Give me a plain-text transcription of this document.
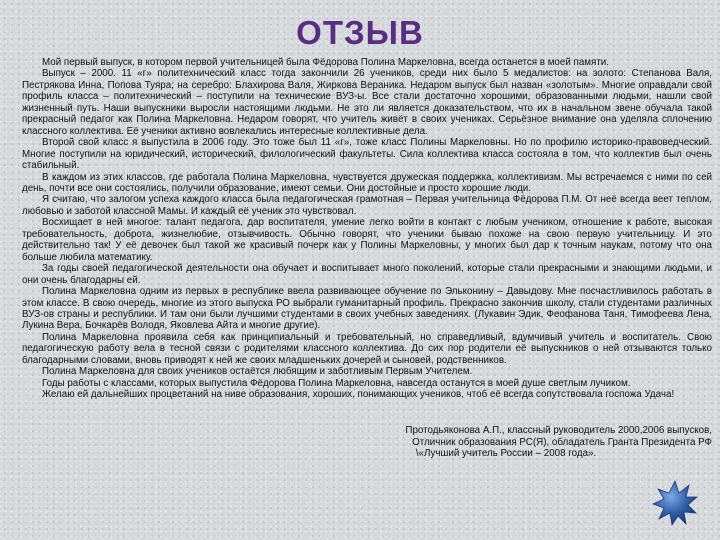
ОТЗЫВ

Мой первый выпуск, в котором первой учительницей была Фёдорова Полина Маркеловна, всегда останется в моей памяти.

Выпуск – 2000. 11 «г» политехнический класс тогда закончили 26 учеников, среди них было 5 медалистов: на золото: Степанова Валя, Пестрякова Инна, Попова Туяра; на серебро: Блахирова Валя, Жиркова Вераника. Недаром выпуск был назван «золотым». Многие оправдали свой профиль класса – политехнический – поступили на технические ВУЗ-ы. Все стали достаточно хорошими, образованными людьми, нашли свой жизненный путь. Наши выпускники выросли настоящими людьми. Не это ли является доказательством, что их в начальном звене обучала такой прекрасный педагог как Полина Маркеловна. Недаром говорят, что учитель живёт в своих учениках. Серьёзное внимание она уделяла сплочению классного коллектива. Её ученики активно вовлекались интересные коллективные дела.

Второй свой класс я выпустила в 2006 году. Это тоже был 11 «г», тоже класс Полины Маркеловны. Но по профилю историко-правоведческий. Многие поступили на юридический, исторический, филологический факультеты. Сила коллектива класса состояла в том, что коллектив был очень стабильный.

В каждом из этих классов, где работала Полина Маркеловна, чувствуется дружеская поддержка, коллективизм. Мы встречаемся с ними по сей день, почти все они состоялись, получили образование, имеют семьи. Они достойные и просто хорошие люди.

Я считаю, что залогом успеха каждого класса была педагогическая грамотная – Первая учительница Фёдорова П.М. От неё всегда веет теплом, любовью и заботой классной Мамы. И каждый её ученик это чувствовал.

Восхищает в ней многое: талант педагога, дар воспитателя, умение легко войти в контакт с любым учеником, отношение к работе, высокая требовательность, доброта, жизнелюбие, отзывчивость. Обычно говорят, что ученики бываю похоже на свою первую учительницу. И это действительно так! У её девочек был такой же красивый почерк как у Полины Маркеловны, у многих был дар к точным наукам, потому что она больше любила математику.

За годы своей педагогической деятельности она обучает и воспитывает много поколений, которые стали прекрасными и знающими людьми, и они очень благодарны ей.

Полина Маркеловна одним из первых в республике ввела развивающее обучение по Эльконину – Давыдову. Мне посчастливилось работать в этом классе. В свою очередь, многие из этого выпуска РО выбрали гуманитарный профиль. Прекрасно закончив школу, стали студентами различных ВУЗ-ов страны и республики. И там они были лучшими студентами в своих учебных заведениях. (Лукавин Эдик, Феофанова Таня, Тимофеева Лена, Лукина Вера, Бочкарёв Володя, Яковлева Айта и многие другие).

Полина Маркеловна проявила себя как принципиальный и требовательный, но справедливый, вдумчивый учитель и воспитатель. Свою педагогическую работу вела в тесной связи с родителями классного коллектива. До сих пор родители её выпускников о ней отзываются только благодарными словами, вновь приводят к ней же своих младшеньких дочерей и сыновей, родственников.

Полина Маркеловна для своих учеников остаётся любящим и заботливым Первым Учителем.

Годы работы с классами, которых выпустила Фёдорова Полина Маркеловна, навсегда останутся в моей душе светлым лучиком.

Желаю ей дальнейших процветаний на ниве образования, хороших, понимающих учеников, чтоб её всегда сопутствовала госпожа Удача!

Протодьяконова А.П., классный руководитель 2000,2006 выпусков,
Отличник образования РС(Я), обладатель Гранта Президента РФ
\«Лучший учитель России – 2008 года».
